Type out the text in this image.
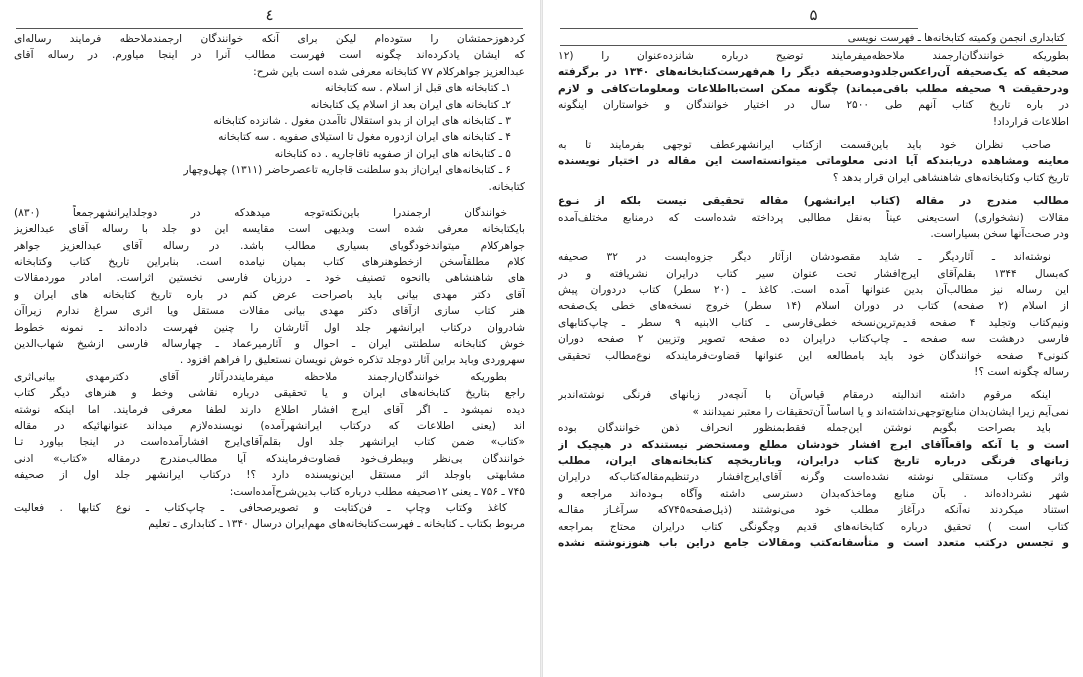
٤
کردهوزحمتشان را ستوده‌ام لیکن برای آنکه خوانندگان ارجمندملاحظه فرمایند رساله‌ای
که ایشان یادکرده‌اند چگونه است فهرست مطالب آنرا در اینجا میاورم. در رساله آقای
عبدالعزیز جواهرکلام ۷۷ کتابخانه معرفی شده است باین شرح:
۱ـ کتابخانه های قبل از اسلام . سه کتابخانه
۲ـ کتابخانه های ایران بعد از اسلام یک کتابخانه
۳ ـ کتابخانه های ایران از بدو استقلال تاآمدن مغول . شانزده کتابخانه
۴ ـ کتابخانه های ایران ازدوره مغول تا استیلای صفویه . سه کتابخانه
۵ ـ کتابخانه های ایران از صفویه تاقاجاریه . ده کتابخانه
۶ ـ کتابخانه‌های ایران‌از بدو سلطنت قاجاریه تاعصرحاضر (۱۳۱۱) چهل‌وچهار
کتابخانه.
خوانندگان ارجمندرا باین‌نکته‌توجه میدهدکه در دوجلدایرانشهرجمعاً (۸۳۰)
بایکتابخانه معرفی شده است وبدیهی است مقایسه این دو جلد با رساله آقای عبدالعزیز
جواهرکلام میتواندخودگویای بسیاری مطالب باشد. در رساله آقای عبدالعزیز جواهر
کلام مطلقاً‌سخن ازخطوهنرهای کتاب بمیان نیامده است. بنابراین تاریخ کتاب وکتابخانه
های شاهنشاهی باانحوه تصنیف خود ـ درزبان فارسی نخستین اثراست. امادر موردمقالات
آقای دکتر مهدی بیانی باید باصراحت عرض کنم در باره تاریخ کتابخانه های ایران و
هنر کتاب سازی ازآقای دکتر مهدی بیانی مقالات مستقل ویا اثری سراغ ندارم زیراآن
شادروان درکتاب ایرانشهر جلد اول آثارشان را چنین فهرست داده‌اند ـ نمونه خطوط
خوش کتابخانه سلطنتی ایران ـ احوال و آثارمیرعماد ـ چهارساله فارسی ازشیخ شهاب‌الدین
سهروردی وباید براین آثار دوجلد تذکره خوش نویسان نستعلیق را فراهم افزود .
بطوریکه خوانندگان‌ارجمند ملاحظه میفرمایند‌درآثار آقای دکترمهدی بیانی‌اثری
راجع بتاریخ کتابخانه‌های ایران و یا تحقیقی درباره نقاشی وخط و هنرهای دیگر کتاب
دیده نمیشود ـ اگر آقای ایرج افشار اطلاع دارند لطفا معرفی فرمایند. اما اینکه نوشته
اند (یعنی اطلاعات که درکتاب ایرانشهرآمده) نویسنده‌لازم میداند عنوانهائیکه در مقاله
«کتاب» ضمن کتاب ایرانشهر جلد اول بقلم‌آقای‌ایرج افشارآمده‌است در اینجا بیاورد تـا
خوانندگان بی‌نظر وبیطرف‌خود قضاوت‌فرمایندکه آیا مطالب‌مندرج درمقاله «کتاب» ادنی
مشابهتی باوجلد اثر مستقل این‌نویسنده دارد ؟! درکتاب ایرانشهر جلد اول از صحیفه
۷۴۵ ـ ۷۵۶ ـ یعنی ۱۲صحیفه مطلب درباره کتاب بدین‌شرح‌آمده‌است:
کاغذ وکتاب وچاپ ـ فن‌کتابت و تصویرصحافی ـ چاپ‌کتاب ـ نوع کتابها . فعالیت
مربوط بکتاب ـ کتابخانه ـ فهرست‌کتابخانه‌های مهم‌ایران درسال ۱۳۴۰ ـ کتابداری ـ تعلیم
۵
کتابداری انجمن وکمیته کتابخانه‌ها ـ فهرست نویسی
بطوریکه خوانندگان‌ارجمند ملاحظه‌میفرمایند توضیح درباره شانزده‌عنوان را (۱۲
صحیفه که یک‌صحیفه آن‌راعکس‌جلدودوصحیفه دیگر را هم‌فهرست‌کتابخانه‌های ۱۳۴۰ در برگرفته
ودرحقیقت ۹ صحیفه مطلب باقی‌میماند) چگونه ممکن است‌بااطلاعات ومعلومات‌کافی و لازم
در باره تاریخ کتاب آنهم طی ۲۵۰۰ سال در اختیار خوانندگان و خواستاران اینگونه
اطلاعات قرارداد!
صاحب نظران خود باید باین‌قسمت ازکتاب ایرانشهرعطف توجهی بفرمایند تا به
معاینه ومشاهده دریابندکه آیا ادنی معلوماتی میتوانسته‌است این مقاله در اختیار نویسنده
تاریخ کتاب وکتابخانه‌های شاهنشاهی ایران قرار بدهد ؟
مطالب مندرج در مقاله (کتاب ایرانشهر) مقاله تحقیقی نیست بلکه از نـوع
مقالات (نشخواری) است‌یعنی عیناً به‌نقل مطالبی پرداخته شده‌است که درمنابع مختلف‌آمده
ودر صحت‌آنها سخن بسیاراست.
نوشته‌اند ـ آثاردیگر ـ شاید مقصودشان ازآثار دیگر جزوه‌ایست در ۳۲ صحیفه
که‌بسال ۱۳۴۴ بقلم‌آقای ایرج‌افشار تحت عنوان سیر کتاب درایران نشریافته و در
این رساله نیز مطالب‌آن بدین عنوانها آمده است. کاغذ ـ (۲۰ سطر) کتاب دردوران پیش
از اسلام (۲ صفحه) کتاب در دوران اسلام (۱۴ سطر) خروج نسخه‌های خطی یک‌صفحه
ونیم‌کتاب وتجلید ۴ صفحه قدیم‌ترین‌نسخه خطی‌فارسی ـ کتاب الابنیه ۹ سطر ـ چاپ‌کتابهای
فارسی درهشت سه صفحه ـ چاپ‌کتاب درایران ده صفحه تصویر وتزیین ۲ صفحه دوران
کنونی۴ صفحه خوانندگان خود باید بامطالعه این عنوانها قضاوت‌فرمایندکه نوع‌مطالب تحقیقی
رساله چگونه است ؟!
اینکه مرقوم داشته اندالبته درمقام قیاس‌آن با آنچه‌در زبانهای فرنگی نوشته‌اندبر
نمی‌آیم زیرا ایشان‌بدان منابع‌توجهی‌نداشته‌اند و یا اساساً آن‌تحقیقات را معتبر نمیدانند »
باید بصراحت بگویم نوشتن این‌جمله فقط‌بمنظور انحراف ذهن خوانندگان بوده
است و یا آنکه واقعاً‌آقای ایرج افشار خودشان مطلع ومستحضر نیستندکه در هیچیک از
زبانهای فرنگی درباره تاریخ کتاب درایران، ویاتاریخچه کتابخانه‌های ایران، مطلب
واثر وکتاب مستقلی نوشته نشده‌است وگرنه آقای‌ایرج‌افشار درتنظیم‌مقاله‌کتاب‌که درایران
شهر نشرداده‌اند . بآن منابع وماخذکه‌بدان دسترسی داشته وآگاه بـوده‌اند مراجعه و
استناد میکردند نه‌آنکه در‌آغاز مطلب خود می‌نوشتند (ذیل‌صفحه۷۴۵که سرآغـاز مقالـه
کتاب است ) تحقیق درباره کتابخانه‌های قدیم وچگونگی کتاب درایران محتاج بمراجعه
و تجسس درکتب متعدد است و متأسفانه‌کتب ومقالات جامع دراین باب هنوزنوشته نشده
